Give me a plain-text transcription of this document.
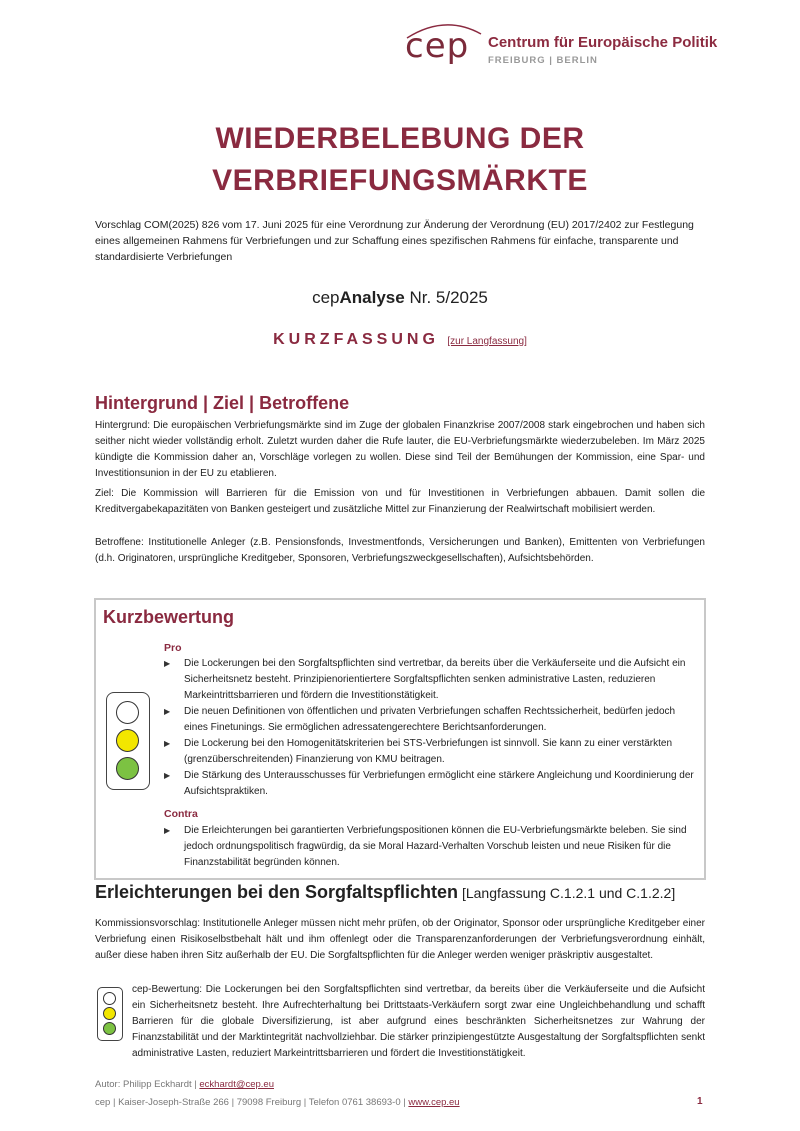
cep Centrum für Europäische Politik
FREIBURG | BERLIN
WIEDERBELEBUNG DER
VERBRIEFUNGSMÄRKTE
Vorschlag COM(2025) 826 vom 17. Juni 2025 für eine Verordnung zur Änderung der Verordnung (EU) 2017/2402 zur Festlegung eines allgemeinen Rahmens für Verbriefungen und zur Schaffung eines spezifischen Rahmens für einfache, transparente und standardisierte Verbriefungen
cepAnalyse Nr. 5/2025
KURZFASSUNG [zur Langfassung]
Hintergrund | Ziel | Betroffene
Hintergrund: Die europäischen Verbriefungsmärkte sind im Zuge der globalen Finanzkrise 2007/2008 stark eingebrochen und haben sich seither nicht wieder vollständig erholt. Zuletzt wurden daher die Rufe lauter, die EU-Verbriefungsmärkte wiederzubeleben. Im März 2025 kündigte die Kommission daher an, Vorschläge vorlegen zu wollen. Diese sind Teil der Bemühungen der Kommission, eine Spar- und Investitionsunion in der EU zu etablieren.
Ziel: Die Kommission will Barrieren für die Emission von und für Investitionen in Verbriefungen abbauen. Damit sollen die Kreditvergabekapazitäten von Banken gesteigert und zusätzliche Mittel zur Finanzierung der Realwirtschaft mobilisiert werden.
Betroffene: Institutionelle Anleger (z.B. Pensionsfonds, Investmentfonds, Versicherungen und Banken), Emittenten von Verbriefungen (d.h. Originatoren, ursprüngliche Kreditgeber, Sponsoren, Verbriefungszweckgesellschaften), Aufsichtsbehörden.
Kurzbewertung
Pro
▶ Die Lockerungen bei den Sorgfaltspflichten sind vertretbar, da bereits über die Verkäuferseite und die Aufsicht ein Sicherheitsnetz besteht. Prinzipienorientiertere Sorgfaltspflichten senken administrative Lasten, reduzieren Markeintrittsbarrieren und fördern die Investitionstätigkeit.
▶ Die neuen Definitionen von öffentlichen und privaten Verbriefungen schaffen Rechtssicherheit, bedürfen jedoch eines Finetunings. Sie ermöglichen adressatengerechtere Berichtsanforderungen.
▶ Die Lockerung bei den Homogenitätskriterien bei STS-Verbriefungen ist sinnvoll. Sie kann zu einer verstärkten (grenzüberschreitenden) Finanzierung von KMU beitragen.
▶ Die Stärkung des Unterausschusses für Verbriefungen ermöglicht eine stärkere Angleichung und Koordinierung der Aufsichtspraktiken.
Contra
▶ Die Erleichterungen bei garantierten Verbriefungspositionen können die EU-Verbriefungsmärkte beleben. Sie sind jedoch ordnungspolitisch fragwürdig, da sie Moral Hazard-Verhalten Vorschub leisten und neue Risiken für die Finanzstabilität begründen können.
Erleichterungen bei den Sorgfaltspflichten [Langfassung C.1.2.1 und C.1.2.2]
Kommissionsvorschlag: Institutionelle Anleger müssen nicht mehr prüfen, ob der Originator, Sponsor oder ursprüngliche Kreditgeber einer Verbriefung einen Risikoselbstbehalt hält und ihm offenlegt oder die Transparenzanforderungen der Verbriefungsverordnung einhält, außer diese haben ihren Sitz außerhalb der EU. Die Sorgfaltspflichten für die Anleger werden weniger präskriptiv ausgestaltet.
cep-Bewertung: Die Lockerungen bei den Sorgfaltspflichten sind vertretbar, da bereits über die Verkäuferseite und die Aufsicht ein Sicherheitsnetz besteht. Ihre Aufrechterhaltung bei Drittstaats-Verkäufern sorgt zwar eine Ungleichbehandlung und schafft Barrieren für die globale Diversifizierung, ist aber aufgrund eines beschränkten Sicherheitsnetzes zur Wahrung der Finanzstabilität und der Marktintegrität nachvollziehbar. Die stärker prinzipiengestützte Ausgestaltung der Sorgfaltspflichten senkt administrative Lasten, reduziert Markeintrittsbarrieren und fördert die Investitionstätigkeit.
Autor: Philipp Eckhardt | eckhardt@cep.eu
cep | Kaiser-Joseph-Straße 266 | 79098 Freiburg | Telefon 0761 38693-0 | www.cep.eu	1
